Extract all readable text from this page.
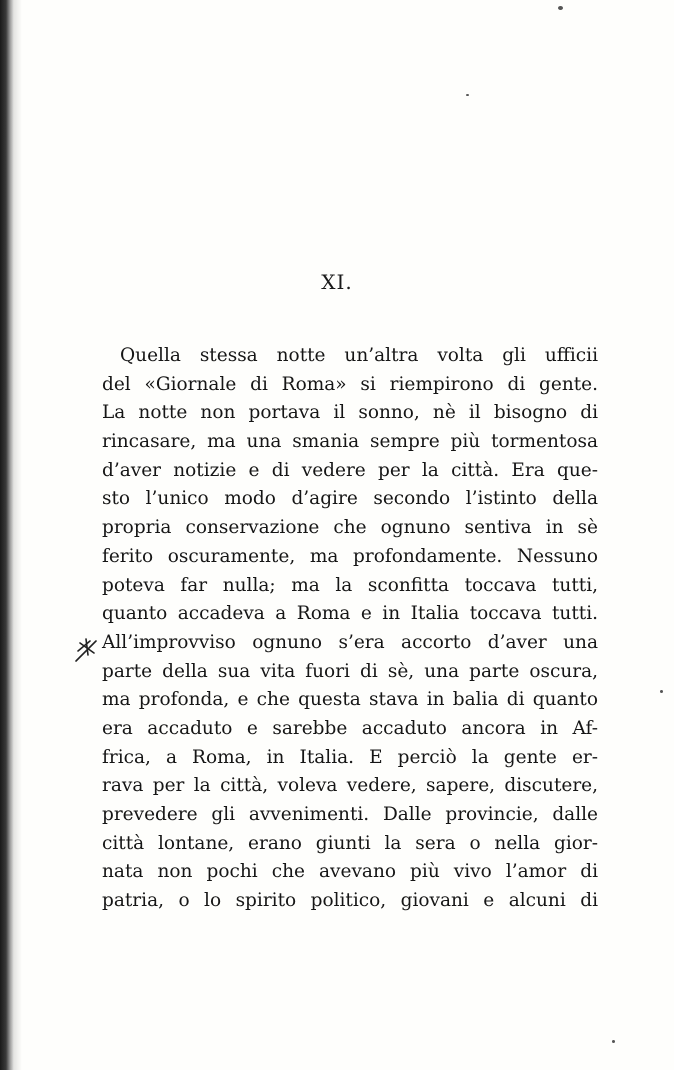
XI.
Quella stessa notte un’altra volta gli ufficii
del «Giornale di Roma» si riempirono di gente.
La notte non portava il sonno, nè il bisogno di
rincasare, ma una smania sempre più tormentosa
d’aver notizie e di vedere per la città. Era que-
sto l’unico modo d’agire secondo l’istinto della
propria conservazione che ognuno sentiva in sè
ferito oscuramente, ma profondamente. Nessuno
poteva far nulla; ma la sconfitta toccava tutti,
quanto accadeva a Roma e in Italia toccava tutti.
All’improvviso ognuno s’era accorto d’aver una
parte della sua vita fuori di sè, una parte oscura,
ma profonda, e che questa stava in balia di quanto
era accaduto e sarebbe accaduto ancora in Af-
frica, a Roma, in Italia. E perciò la gente er-
rava per la città, voleva vedere, sapere, discutere,
prevedere gli avvenimenti. Dalle provincie, dalle
città lontane, erano giunti la sera o nella gior-
nata non pochi che avevano più vivo l’amor di
patria, o lo spirito politico, giovani e alcuni di
